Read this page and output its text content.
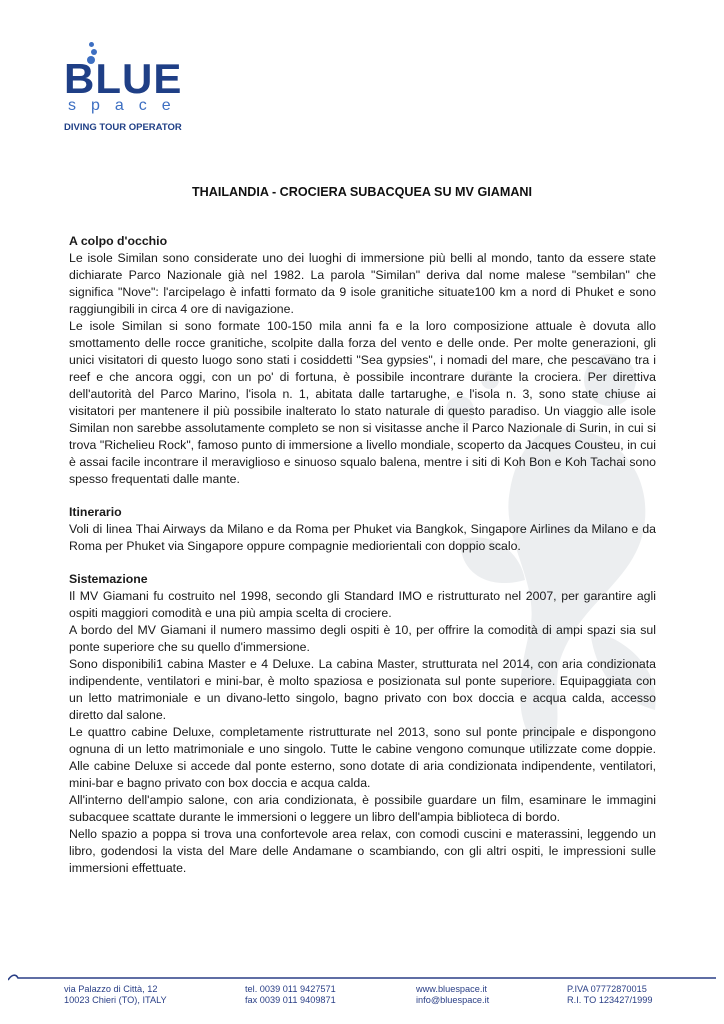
BLUE
space
DIVING TOUR OPERATOR
THAILANDIA - CROCIERA SUBACQUEA SU MV GIAMANI
A colpo d'occhio

Le isole Similan sono considerate uno dei luoghi di immersione più belli al mondo, tanto da essere state dichiarate Parco Nazionale già nel 1982. La parola "Similan" deriva dal nome malese "sembilan" che significa "Nove": l'arcipelago è infatti formato da 9 isole granitiche situate100 km a nord di Phuket e sono raggiungibili in circa 4 ore di navigazione.

Le isole Similan si sono formate 100-150 mila anni fa e la loro composizione attuale è dovuta allo smottamento delle rocce granitiche, scolpite dalla forza del vento e delle onde. Per molte generazioni, gli unici visitatori di questo luogo sono stati i cosiddetti "Sea gypsies", i nomadi del mare, che pescavano tra i reef e che ancora oggi, con un po' di fortuna, è possibile incontrare durante la crociera. Per direttiva dell'autorità del Parco Marino, l'isola n. 1, abitata dalle tartarughe, e l'isola n. 3, sono state chiuse ai visitatori per mantenere il più possibile inalterato lo stato naturale di questo paradiso. Un viaggio alle isole Similan non sarebbe assolutamente completo se non si visitasse anche il Parco Nazionale di Surin, in cui si trova "Richelieu Rock", famoso punto di immersione a livello mondiale, scoperto da Jacques Cousteu, in cui è assai facile incontrare il meraviglioso e sinuoso squalo balena, mentre i siti di Koh Bon e Koh Tachai sono spesso frequentati dalle mante.

Itinerario

Voli di linea Thai Airways da Milano e da Roma per Phuket via Bangkok, Singapore Airlines da Milano e da Roma per Phuket via Singapore oppure compagnie mediorientali con doppio scalo.

Sistemazione

Il MV Giamani fu costruito nel 1998, secondo gli Standard IMO e ristrutturato nel 2007, per garantire agli ospiti maggiori comodità e una più ampia scelta di crociere.

A bordo del MV Giamani il numero massimo degli ospiti è 10, per offrire la comodità di ampi spazi sia sul ponte superiore che su quello d'immersione.

Sono disponibili1 cabina Master e 4 Deluxe. La cabina Master, strutturata nel 2014, con aria condizionata indipendente, ventilatori e mini-bar, è molto spaziosa e posizionata sul ponte superiore. Equipaggiata con un letto matrimoniale e un divano-letto singolo, bagno privato con box doccia e acqua calda, accesso diretto dal salone.

Le quattro cabine Deluxe, completamente ristrutturate nel 2013, sono sul ponte principale e dispongono ognuna di un letto matrimoniale e uno singolo. Tutte le cabine vengono comunque utilizzate come doppie. Alle cabine Deluxe si accede dal ponte esterno, sono dotate di aria condizionata indipendente, ventilatori, mini-bar e bagno privato con box doccia e acqua calda.

All'interno dell'ampio salone, con aria condizionata, è possibile guardare un film, esaminare le immagini subacquee scattate durante le immersioni o leggere un libro dell'ampia biblioteca di bordo.

Nello spazio a poppa si trova una confortevole area relax, con comodi cuscini e materassini, leggendo un libro, godendosi la vista del Mare delle Andamane o scambiando, con gli altri ospiti, le impressioni sulle immersioni effettuate.

via Palazzo di Città, 12
10023 Chieri (TO), ITALY
tel. 0039 011 9427571
fax 0039 011 9409871
www.bluespace.it
info@bluespace.it
P.IVA 07772870015
R.I. TO 123427/1999
